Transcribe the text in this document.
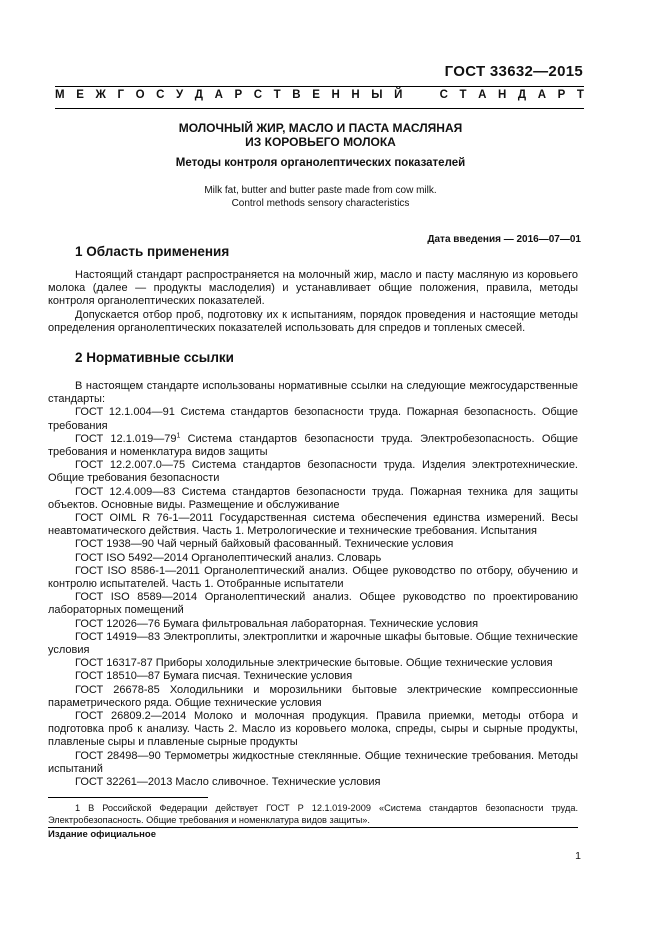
ГОСТ 33632—2015
М Е Ж Г О С У Д А Р С Т В Е Н Н Ы Й	С Т А Н Д А Р Т
МОЛОЧНЫЙ ЖИР, МАСЛО И ПАСТА МАСЛЯНАЯ
ИЗ КОРОВЬЕГО МОЛОКА
Методы контроля органолептических показателей
Milk fat, butter and butter paste made from cow milk.
Control methods sensory characteristics
Дата введения — 2016—07—01
1 Область применения

Настоящий стандарт распространяется на молочный жир, масло и пасту масляную из коровьего молока (далее — продукты маслоделия) и устанавливает общие положения, правила, методы контроля органолептических показателей.

Допускается отбор проб, подготовку их к испытаниям, порядок проведения и настоящие методы определения органолептических показателей использовать для спредов и топленых смесей.

2 Нормативные ссылки

В настоящем стандарте использованы нормативные ссылки на следующие межгосударственные стандарты:

ГОСТ 12.1.004—91 Система стандартов безопасности труда. Пожарная безопасность. Общие требования

ГОСТ $12.1.019—79^1$ Система стандартов безопасности труда. Электробезопасность. Общие требования и номенклатура видов защиты

ГОСТ 12.2.007.0—75 Система стандартов безопасности труда. Изделия электротехнические. Общие требования безопасности

ГОСТ 12.4.009—83 Система стандартов безопасности труда. Пожарная техника для защиты объектов. Основные виды. Размещение и обслуживание

ГОСТ OIML R 76-1—2011 Государственная система обеспечения единства измерений. Весы неавтоматического действия. Часть 1. Метрологические и технические требования. Испытания

ГОСТ 1938—90 Чай черный байховый фасованный. Технические условия

ГОСТ ISO 5492—2014 Органолептический анализ. Словарь

ГОСТ ISO 8586-1—2011 Органолептический анализ. Общее руководство по отбору, обучению и контролю испытателей. Часть 1. Отобранные испытатели

ГОСТ ISO 8589—2014 Органолептический анализ. Общее руководство по проектированию лабораторных помещений

ГОСТ 12026—76 Бумага фильтровальная лабораторная. Технические условия

ГОСТ 14919—83 Электроплиты, электроплитки и жарочные шкафы бытовые. Общие технические условия

ГОСТ 16317-87 Приборы холодильные электрические бытовые. Общие технические условия

ГОСТ 18510—87 Бумага писчая. Технические условия

ГОСТ 26678-85 Холодильники и морозильники бытовые электрические компрессионные параметрического ряда. Общие технические условия

ГОСТ 26809.2—2014 Молоко и молочная продукция. Правила приемки, методы отбора и подготовка проб к анализу. Часть 2. Масло из коровьего молока, спреды, сыры и сырные продукты, плавленые сыры и плавленые сырные продукты

ГОСТ 28498—90 Термометры жидкостные стеклянные. Общие технические требования. Методы испытаний

ГОСТ 32261—2013 Масло сливочное. Технические условия

1 В Российской Федерации действует ГОСТ Р 12.1.019-2009 «Система стандартов безопасности труда. Электробезопасность. Общие требования и номенклатура видов защиты».

Издание официальное
1
